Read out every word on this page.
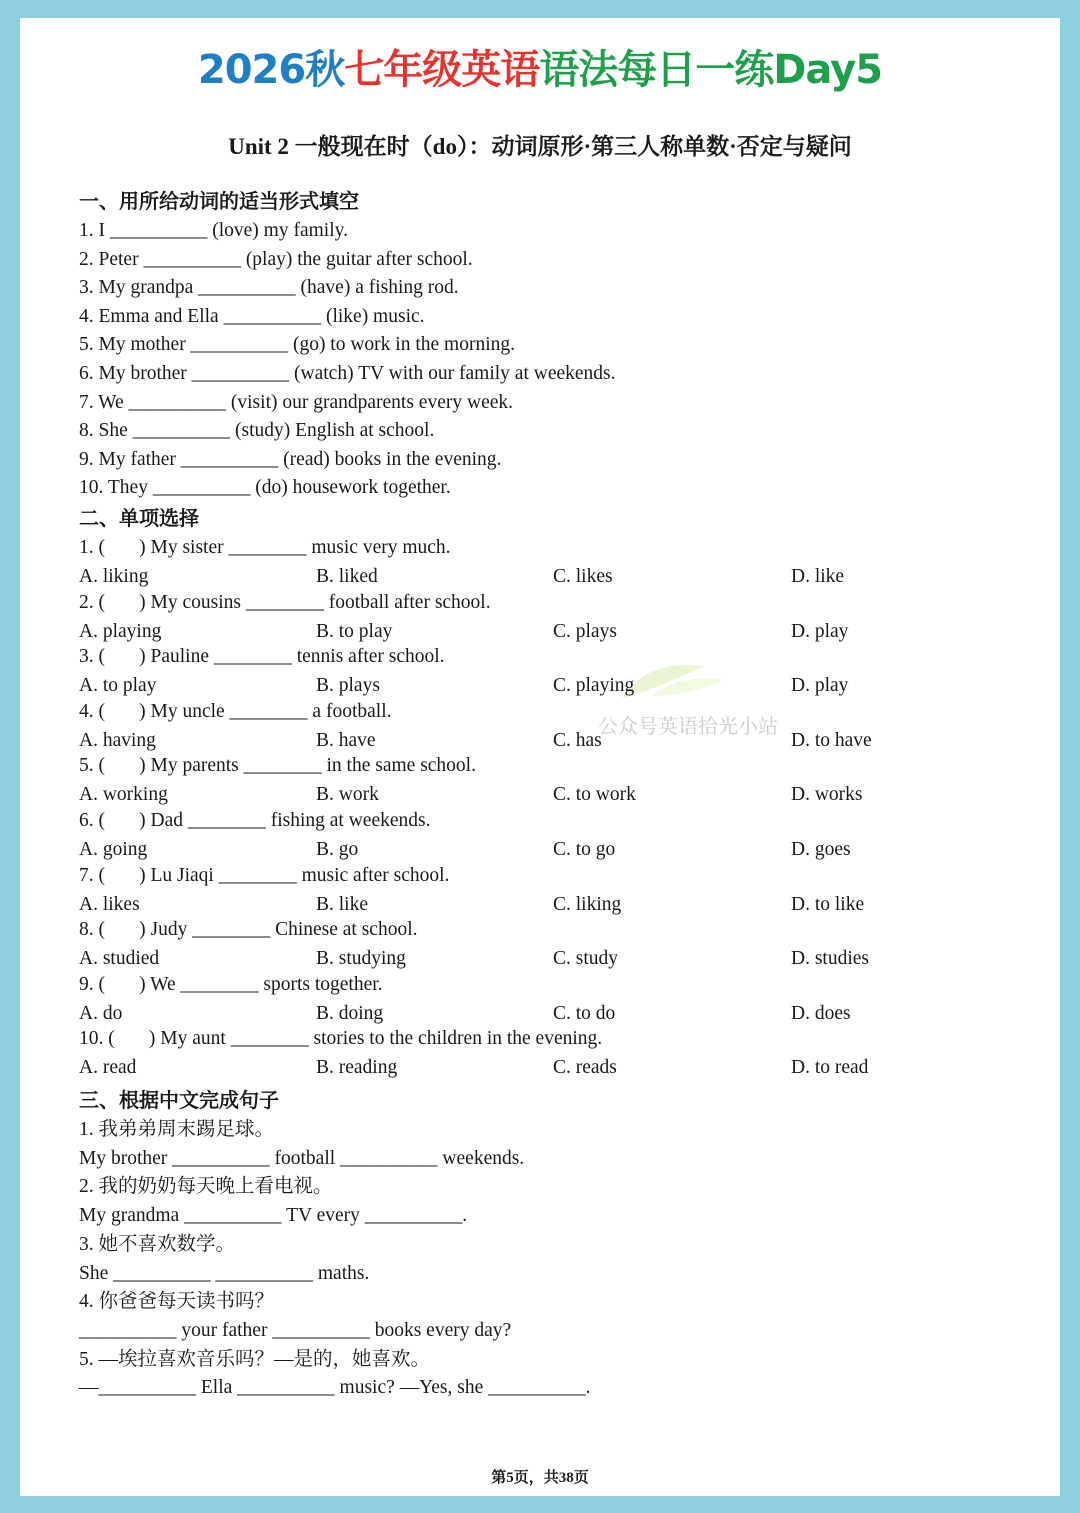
2026秋七年级英语语法每日一练Day5
Unit 2 一般现在时（do）：动词原形·第三人称单数·否定与疑问
公众号英语拾光小站
一、用所给动词的适当形式填空
1. I __________ (love) my family.
2. Peter __________ (play) the guitar after school.
3. My grandpa __________ (have) a fishing rod.
4. Emma and Ella __________ (like) music.
5. My mother __________ (go) to work in the morning.
6. My brother __________ (watch) TV with our family at weekends.
7. We __________ (visit) our grandparents every week.
8. She __________ (study) English at school.
9. My father __________ (read) books in the evening.
10. They __________ (do) housework together.
二、单项选择
1. (       ) My sister ________ music very much.
A. liking	B. liked	C. likes	D. like
2. (       ) My cousins ________ football after school.
A. playing	B. to play	C. plays	D. play
3. (       ) Pauline ________ tennis after school.
A. to play	B. plays	C. playing	D. play
4. (       ) My uncle ________ a football.
A. having	B. have	C. has	D. to have
5. (       ) My parents ________ in the same school.
A. working	B. work	C. to work	D. works
6. (       ) Dad ________ fishing at weekends.
A. going	B. go	C. to go	D. goes
7. (       ) Lu Jiaqi ________ music after school.
A. likes	B. like	C. liking	D. to like
8. (       ) Judy ________ Chinese at school.
A. studied	B. studying	C. study	D. studies
9. (       ) We ________ sports together.
A. do	B. doing	C. to do	D. does
10. (       ) My aunt ________ stories to the children in the evening.
A. read	B. reading	C. reads	D. to read
三、根据中文完成句子
1. 我弟弟周末踢足球。
My brother __________ football __________ weekends.
2. 我的奶奶每天晚上看电视。
My grandma __________ TV every __________.
3. 她不喜欢数学。
She __________ __________ maths.
4. 你爸爸每天读书吗？
__________ your father __________ books every day?
5. —埃拉喜欢音乐吗？—是的，她喜欢。
—__________ Ella __________ music? —Yes, she __________.
第5页，共38页
